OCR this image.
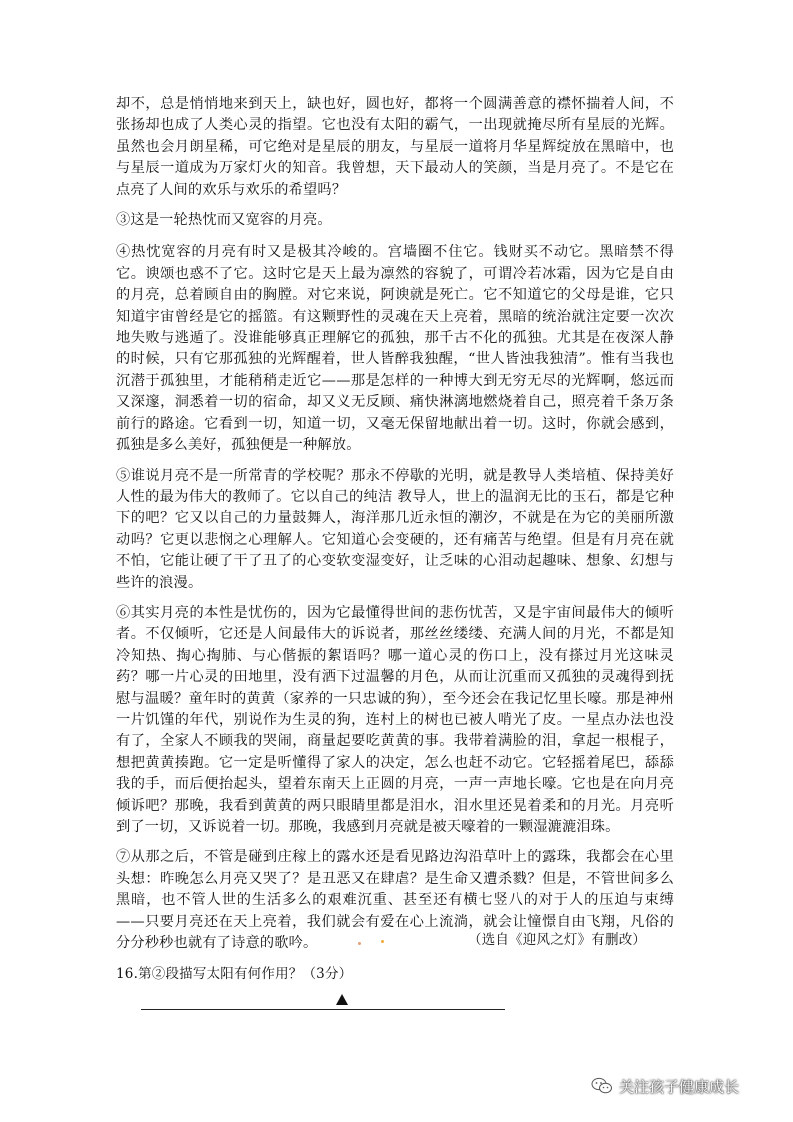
却不，总是悄悄地来到天上，缺也好，圆也好，都将一个圆满善意的襟怀揣着人间，不张扬却也成了人类心灵的指望。它也没有太阳的霸气，一出现就掩尽所有星辰的光辉。虽然也会月朗星稀，可它绝对是星辰的朋友，与星辰一道将月华星辉绽放在黑暗中，也与星辰一道成为万家灯火的知音。我曾想，天下最动人的笑颜，当是月亮了。不是它在点亮了人间的欢乐与欢乐的希望吗？

③这是一轮热忱而又宽容的月亮。

④热忱宽容的月亮有时又是极其冷峻的。宫墙圈不住它。钱财买不动它。黑暗禁不得它。谀颂也惑不了它。这时它是天上最为凛然的容貌了，可谓冷若冰霜，因为它是自由的月亮，总着顾自由的胸膛。对它来说，阿谀就是死亡。它不知道它的父母是谁，它只知道宇宙曾经是它的摇篮。有这颗野性的灵魂在天上亮着，黑暗的统治就注定要一次次地失败与逃遁了。没谁能够真正理解它的孤独，那千古不化的孤独。尤其是在夜深人静的时候，只有它那孤独的光辉醒着，世人皆醉我独醒，“世人皆浊我独清”。惟有当我也沉潜于孤独里，才能稍稍走近它——那是怎样的一种博大到无穷无尽的光辉啊，悠远而又深邃，洞悉着一切的宿命，却又义无反顾、痛快淋漓地燃烧着自己，照亮着千条万条前行的路途。它看到一切，知道一切，又毫无保留地献出着一切。这时，你就会感到，孤独是多么美好，孤独便是一种解放。

⑤谁说月亮不是一所常青的学校呢？那永不停歇的光明，就是教导人类培植、保持美好人性的最为伟大的教师了。它以自己的纯洁 教导人，世上的温润无比的玉石，都是它种下的吧？它又以自己的力量鼓舞人，海洋那几近永恒的潮汐，不就是在为它的美丽所激动吗？它更以悲悯之心理解人。它知道心会变硬的，还有痛苦与绝望。但是有月亮在就不怕，它能让硬了干了丑了的心变软变湿变好，让乏味的心泪动起趣味、想象、幻想与些许的浪漫。

⑥其实月亮的本性是忧伤的，因为它最懂得世间的悲伤忧苦，又是宇宙间最伟大的倾听者。不仅倾听，它还是人间最伟大的诉说者，那丝丝缕缕、充满人间的月光，不都是知冷知热、掏心掏肺、与心偕振的絮语吗？哪一道心灵的伤口上，没有搽过月光这味灵药？哪一片心灵的田地里，没有洒下过温馨的月色，从而让沉重而又孤独的灵魂得到抚慰与温暖？童年时的黄黄（家养的一只忠诚的狗），至今还会在我记忆里长嚎。那是神州一片饥馑的年代，别说作为生灵的狗，连村上的树也已被人啃光了皮。一星点办法也没有了，全家人不顾我的哭闹，商量起要吃黄黄的事。我带着满脸的泪，拿起一根棍子，想把黄黄揍跑。它一定是听懂得了家人的决定，怎么也赶不动它。它轻摇着尾巴，舔舔我的手，而后便抬起头，望着东南天上正圆的月亮，一声一声地长嚎。它也是在向月亮倾诉吧？那晚，我看到黄黄的两只眼睛里都是泪水，泪水里还晃着柔和的月光。月亮听到了一切，又诉说着一切。那晚，我感到月亮就是被天嚎着的一颗湿漉漉泪珠。

⑦从那之后，不管是碰到庄稼上的露水还是看见路边沟沿草叶上的露珠，我都会在心里头想：昨晚怎么月亮又哭了？是丑恶又在肆虐？是生命又遭杀戮？但是，不管世间多么黑暗，也不管人世的生活多么的艰难沉重、甚至还有横七竖八的对于人的压迫与束缚——只要月亮还在天上亮着，我们就会有爱在心上流淌，就会让憧憬自由飞翔，凡俗的分分秒秒也就有了诗意的歌吟。	（选自《迎风之灯》有删改）
16.第②段描写太阳有何作用？（3分）
关注孩子健康成长
